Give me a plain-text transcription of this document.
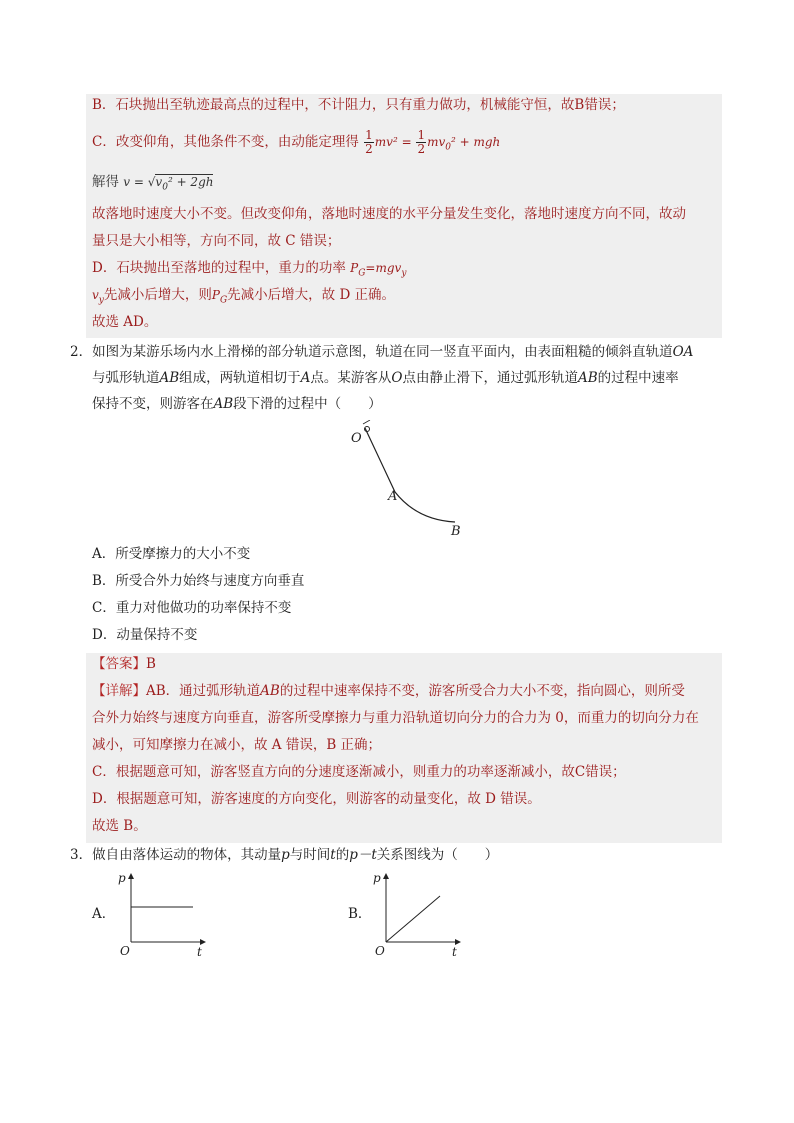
B．石块抛出至轨迹最高点的过程中，不计阻力，只有重力做功，机械能守恒，故B错误；
C．改变仰角，其他条件不变，由动能定理得 $\frac{1}{2} mv^2 = \frac{1}{2} mv_0^2$ + mgh
解得 $v = √v_0^2 + 2gh$
故落地时速度大小不变。但改变仰角，落地时速度的水平分量发生变化，落地时速度方向不同，故动
量只是大小相等，方向不同，故 C 错误；
D．石块抛出至落地的过程中，重力的功率 $P_G=mgv_y$
$v_y$先减小后增大，则$P_G$先减小后增大，故 D 正确。
故选 AD。
2．如图为某游乐场内水上滑梯的部分轨道示意图，轨道在同一竖直平面内，由表面粗糙的倾斜直轨道OA
与弧形轨道AB组成，两轨道相切于A点。某游客从O点由静止滑下，通过弧形轨道AB的过程中速率
保持不变，则游客在AB段下滑的过程中（　　）
O
A
B
A．所受摩擦力的大小不变
B．所受合外力始终与速度方向垂直
C．重力对他做功的功率保持不变
D．动量保持不变
【答案】B
【详解】AB．通过弧形轨道AB的过程中速率保持不变，游客所受合力大小不变，指向圆心，则所受
合外力始终与速度方向垂直，游客所受摩擦力与重力沿轨道切向分力的合力为 0，而重力的切向分力在
减小，可知摩擦力在减小，故 A 错误，B 正确；
C．根据题意可知，游客竖直方向的分速度逐渐减小，则重力的功率逐渐减小，故C错误；
D．根据题意可知，游客速度的方向变化，则游客的动量变化，故 D 错误。
故选 B。
3．做自由落体运动的物体，其动量p与时间t的p－t关系图线为（　　）
A．
p
O	t
B．
p
O	t
